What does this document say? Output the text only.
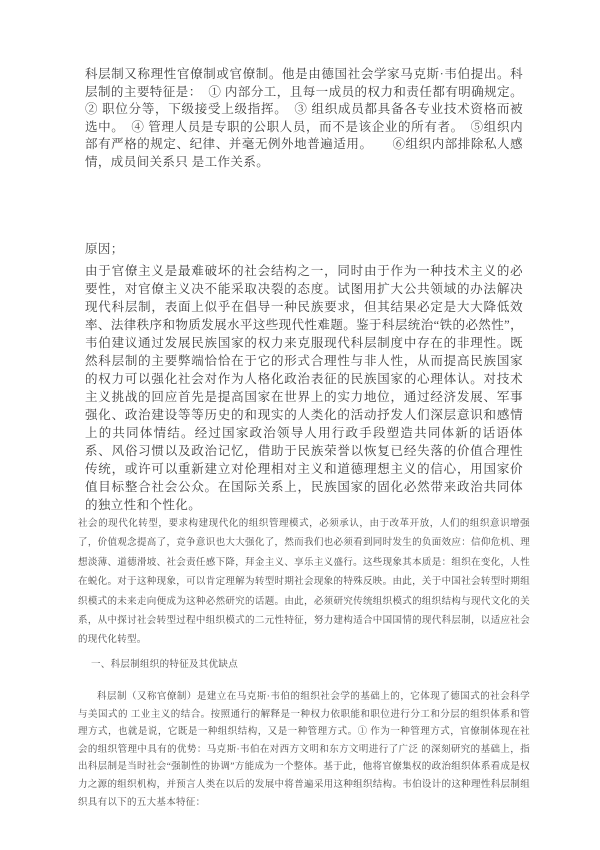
科层制又称理性官僚制或官僚制。他是由德国社会学家马克斯·韦伯提出。科层制的主要特征是：　① 内部分工，且每一成员的权力和责任都有明确规定。② 职位分等，下级接受上级指挥。　③ 组织成员都具备各专业技术资格而被选中。　④ 管理人员是专职的公职人员，而不是该企业的所有者。　⑤组织内部有严格的规定、纪律、并毫无例外地普遍适用。　　⑥组织内部排除私人感情，成员间关系只 是工作关系。

原因；

由于官僚主义是最难破坏的社会结构之一，同时由于作为一种技术主义的必要性，对官僚主义决不能采取决裂的态度。试图用扩大公共领域的办法解决现代科层制，表面上似乎在倡导一种民族要求，但其结果必定是大大降低效率、法律秩序和物质发展水平这些现代性难题。鉴于科层统治“铁的必然性”，韦伯建议通过发展民族国家的权力来克服现代科层制度中存在的非理性。既然科层制的主要弊端恰恰在于它的形式合理性与非人性，从而提高民族国家的权力可以强化社会对作为人格化政治表征的民族国家的心理体认。对技术主义挑战的回应首先是提高国家在世界上的实力地位，通过经济发展、军事强化、政治建设等等历史的和现实的人类化的活动抒发人们深层意识和感情上的共同体情结。经过国家政治领导人用行政手段塑造共同体新的话语体系、风俗习惯以及政治记忆，借助于民族荣誉以恢复已经失落的价值合理性传统，或许可以重新建立对伦理相对主义和道德理想主义的信心，用国家价值目标整合社会公众。在国际关系上，民族国家的固化必然带来政治共同体的独立性和个性化。

社会的现代化转型，要求构建现代化的组织管理模式，必须承认，由于改革开放，人们的组织意识增强了，价值观念提高了，竞争意识也大大强化了，然而我们也必须看到同时发生的负面效应：信仰危机、理想淡薄、道德滑坡、社会责任感下降，拜金主义、享乐主义盛行。这些现象其本质是：组织在变化，人性在蜕化。对于这种现象，可以肯定理解为转型时期社会现象的特殊反映。由此，关于中国社会转型时期组织模式的未来走向便成为这种必然研究的话题。由此，必须研究传统组织模式的组织结构与现代文化的关系，从中探讨社会转型过程中组织模式的二元性特征，努力建构适合中国国情的现代科层制，以适应社会的现代化转型。

一、科层制组织的特征及其优缺点

科层制（又称官僚制）是建立在马克斯·韦伯的组织社会学的基础上的，它体现了德国式的社会科学与美国式的 工业主义的结合。按照通行的解释是一种权力依职能和职位进行分工和分层的组织体系和管理方式，也就是说，它既是一种组织结构，又是一种管理方式。① 作为一种管理方式，官僚制体现在社会的组织管理中具有的优势：马克斯·韦伯在对西方文明和东方文明进行了广泛 的深刻研究的基础上，指出科层制是当时社会“强制性的协调”方能成为一个整体。基于此，他将官僚集权的政治组织体系看成是权力之源的组织机构，并预言人类在以后的发展中将普遍采用这种组织结构。韦伯设计的这种理性科层制组织具有以下的五大基本特征：
